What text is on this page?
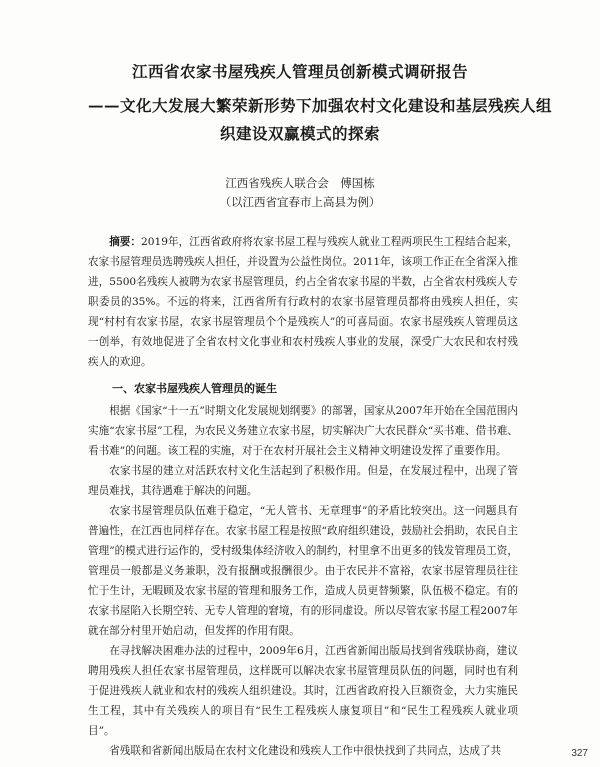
江西省农家书屋残疾人管理员创新模式调研报告
——文化大发展大繁荣新形势下加强农村文化建设和基层残疾人组
织建设双赢模式的探索
江西省残疾人联合会　傅国栋
（以江西省宜春市上高县为例）

摘要：2019年，江西省政府将农家书屋工程与残疾人就业工程两项民生工程结合起来，农家书屋管理员选聘残疾人担任，并设置为公益性岗位。2011年，该项工作正在全省深入推进，5500名残疾人被聘为农家书屋管理员，约占全省农家书屋的半数，占全省农村残疾人专职委员的35%。不远的将来，江西省所有行政村的农家书屋管理员都将由残疾人担任，实现“村村有农家书屋，农家书屋管理员个个是残疾人”的可喜局面。农家书屋残疾人管理员这一创举，有效地促进了全省农村文化事业和农村残疾人事业的发展，深受广大农民和农村残疾人的欢迎。

一、农家书屋残疾人管理员的诞生

根据《国家“十一五”时期文化发展规划纲要》的部署，国家从2007年开始在全国范围内实施“农家书屋”工程，为农民义务建立农家书屋，切实解决广大农民群众“买书难、借书难、看书难”的问题。该工程的实施，对于在农村开展社会主义精神文明建设发挥了重要作用。

农家书屋的建立对活跃农村文化生活起到了积极作用。但是，在发展过程中，出现了管理员难找，其待遇难于解决的问题。

农家书屋管理员队伍难于稳定，“无人管书、无章理事”的矛盾比较突出。这一问题具有普遍性，在江西也同样存在。农家书屋工程是按照“政府组织建设，鼓励社会捐助，农民自主管理”的模式进行运作的，受村级集体经济收入的制约，村里拿不出更多的钱发管理员工资，管理员一般都是义务兼职，没有报酬或报酬很少。由于农民并不富裕，农家书屋管理员往往忙于生计，无暇顾及农家书屋的管理和服务工作，造成人员更替频繁，队伍极不稳定。有的农家书屋陷入长期空转、无专人管理的窘境，有的形同虚设。所以尽管农家书屋工程2007年就在部分村里开始启动，但发挥的作用有限。

在寻找解决困难办法的过程中，2009年6月，江西省新闻出版局找到省残联协商，建议聘用残疾人担任农家书屋管理员，这样既可以解决农家书屋管理员队伍的问题，同时也有利于促进残疾人就业和农村的残疾人组织建设。其时，江西省政府投入巨额资金，大力实施民生工程，其中有关残疾人的项目有“民生工程残疾人康复项目”和“民生工程残疾人就业项目”。

省残联和省新闻出版局在农村文化建设和残疾人工作中很快找到了共同点，达成了共	327
